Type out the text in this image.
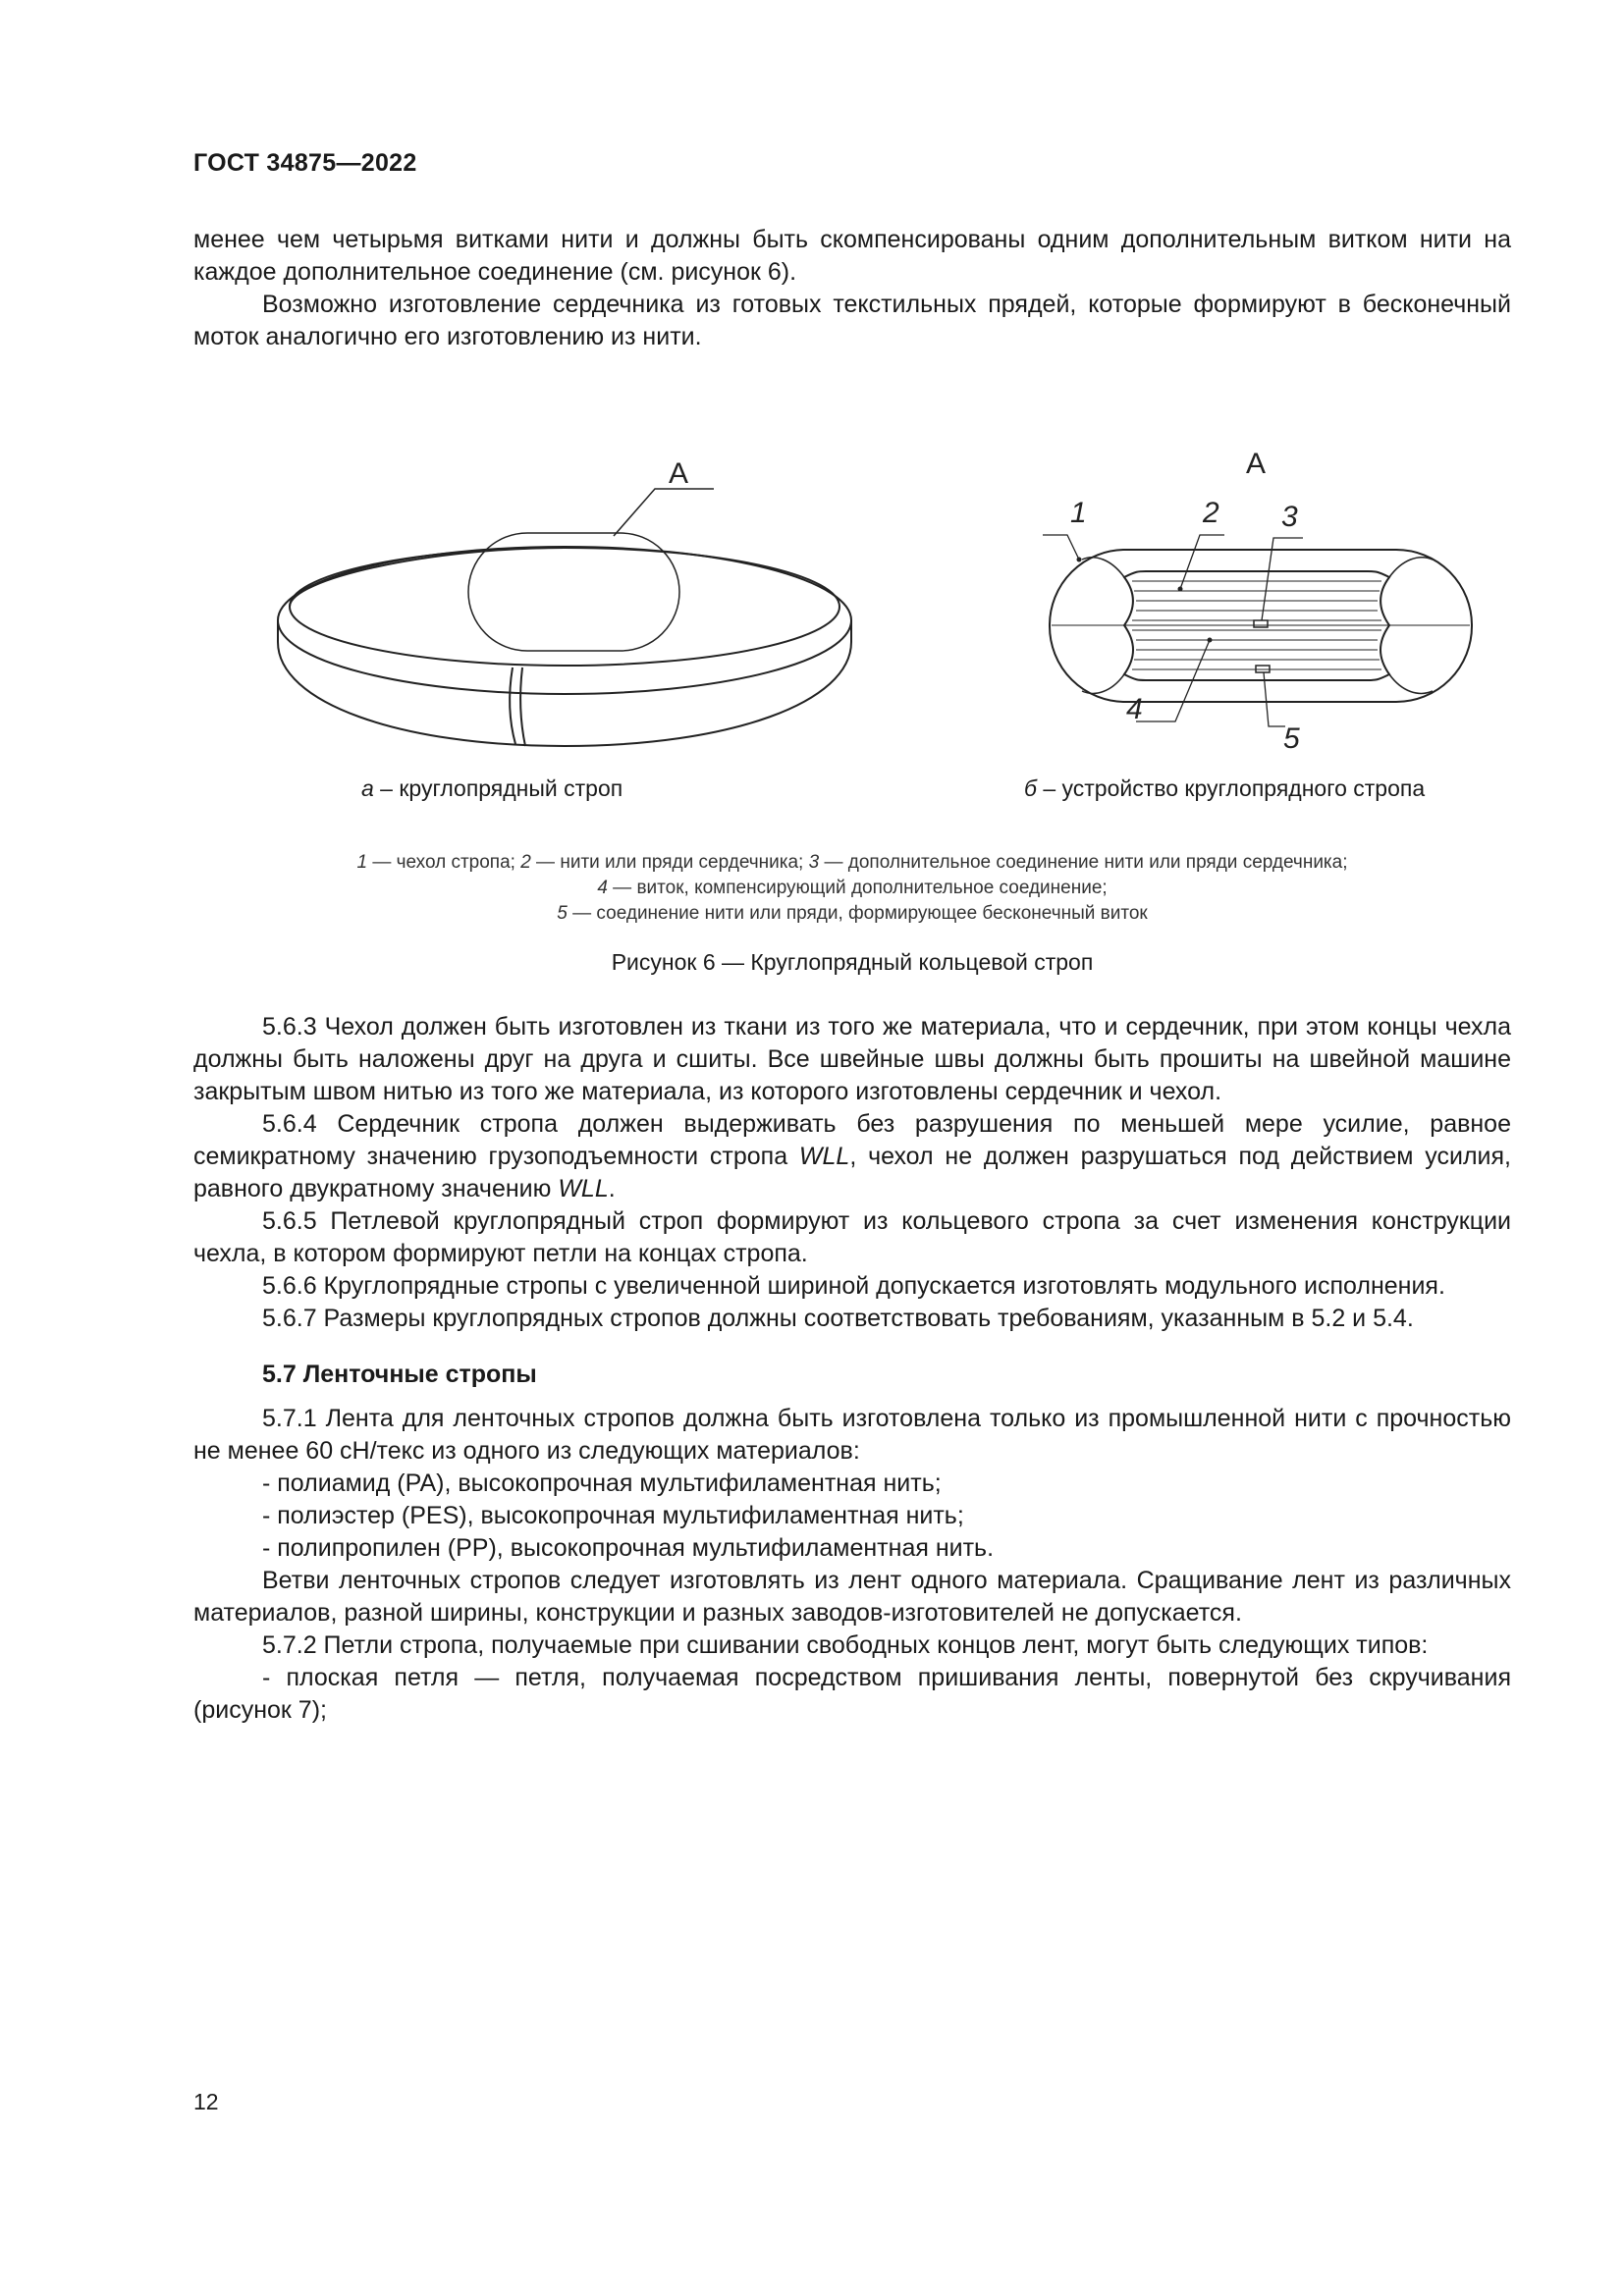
ГОСТ 34875—2022

менее чем четырьмя витками нити и должны быть скомпенсированы одним дополнительным витком нити на каждое дополнительное соединение (см. рисунок 6).

Возможно изготовление сердечника из готовых текстильных прядей, которые формируют в бесконечный моток аналогично его изготовлению из нити.

А	А
1	2 3
4
5
а – круглопрядный строп	б – устройство круглопрядного стропа
1 — чехол стропа; 2 — нити или пряди сердечника; 3 — дополнительное соединение нити или пряди сердечника;
4 — виток, компенсирующий дополнительное соединение;
5 — соединение нити или пряди, формирующее бесконечный виток
Рисунок 6 — Круглопрядный кольцевой строп

5.6.3 Чехол должен быть изготовлен из ткани из того же материала, что и сердечник, при этом концы чехла должны быть наложены друг на друга и сшиты. Все швейные швы должны быть прошиты на швейной машине закрытым швом нитью из того же материала, из которого изготовлены сердечник и чехол.

5.6.4 Сердечник стропа должен выдерживать без разрушения по меньшей мере усилие, равное семикратному значению грузоподъемности стропа WLL, чехол не должен разрушаться под действием усилия, равного двукратному значению WLL.

5.6.5 Петлевой круглопрядный строп формируют из кольцевого стропа за счет изменения конструкции чехла, в котором формируют петли на концах стропа.

5.6.6 Круглопрядные стропы с увеличенной шириной допускается изготовлять модульного исполнения.

5.6.7 Размеры круглопрядных стропов должны соответствовать требованиям, указанным в 5.2 и 5.4.

5.7 Ленточные стропы

5.7.1 Лента для ленточных стропов должна быть изготовлена только из промышленной нити с прочностью не менее 60 сН/текс из одного из следующих материалов:

- полиамид (PA), высокопрочная мультифиламентная нить;

- полиэстер (PES), высокопрочная мультифиламентная нить;

- полипропилен (PP), высокопрочная мультифиламентная нить.

Ветви ленточных стропов следует изготовлять из лент одного материала. Сращивание лент из различных материалов, разной ширины, конструкции и разных заводов-изготовителей не допускается.

5.7.2 Петли стропа, получаемые при сшивании свободных концов лент, могут быть следующих типов:

- плоская петля — петля, получаемая посредством пришивания ленты, повернутой без скручивания (рисунок 7);

12
